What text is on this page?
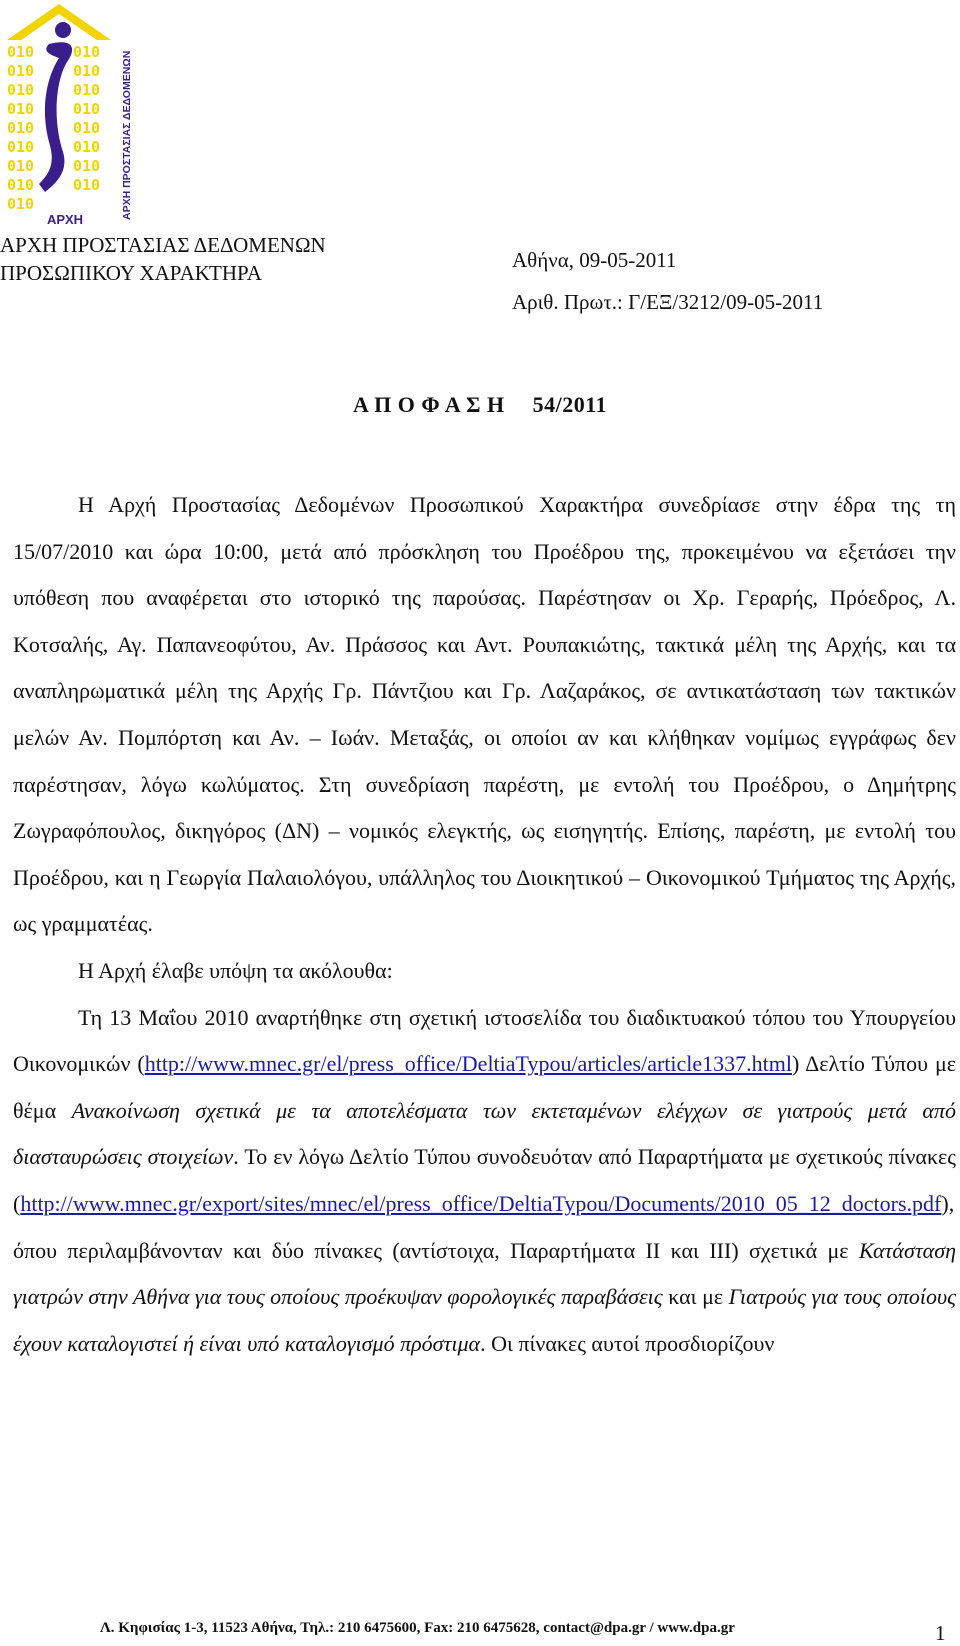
010
010
010
010
010
010
010
010
010
010
010
010
010
010
010
010
010 ΑΡΧΗ ΠΡΟΣΤΑΣΙΑΣ ΔΕΔΟΜΕΝΩΝ
ΑΡΧΗ
ΑΡΧΗ ΠΡΟΣΤΑΣΙΑΣ ΔΕΔΟΜΕΝΩΝ
ΠΡΟΣΩΠΙΚΟΥ ΧΑΡΑΚΤΗΡΑ
Αθήνα, 09-05-2011
Αριθ. Πρωτ.: Γ/ΕΞ/3212/09-05-2011
Α Π Ο Φ Α Σ Η 54/2011

Η Αρχή Προστασίας Δεδομένων Προσωπικού Χαρακτήρα συνεδρίασε στην έδρα της τη 15/07/2010 και ώρα 10:00, μετά από πρόσκληση του Προέδρου της, προκειμένου να εξετάσει την υπόθεση που αναφέρεται στο ιστορικό της παρούσας. Παρέστησαν οι Χρ. Γεραρής, Πρόεδρος, Λ. Κοτσαλής, Αγ. Παπανεοφύτου, Αν. Πράσσος και Αντ. Ρουπακιώτης, τακτικά μέλη της Αρχής, και τα αναπληρωματικά μέλη της Αρχής Γρ. Πάντζιου και Γρ. Λαζαράκος, σε αντικατάσταση των τακτικών μελών Αν. Πομπόρτση και Αν. – Ιωάν. Μεταξάς, οι οποίοι αν και κλήθηκαν νομίμως εγγράφως δεν παρέστησαν, λόγω κωλύματος. Στη συνεδρίαση παρέστη, με εντολή του Προέδρου, ο Δημήτρης Ζωγραφόπουλος, δικηγόρος (ΔΝ) – νομικός ελεγκτής, ως εισηγητής. Επίσης, παρέστη, με εντολή του Προέδρου, και η Γεωργία Παλαιολόγου, υπάλληλος του Διοικητικού – Οικονομικού Τμήματος της Αρχής, ως γραμματέας.

Η Αρχή έλαβε υπόψη τα ακόλουθα:

Τη 13 Μαΐου 2010 αναρτήθηκε στη σχετική ιστοσελίδα του διαδικτυακού τόπου του Υπουργείου Οικονομικών (http://www.mnec.gr/el/press_office/DeltiaTypou/articles/article1337.html) Δελτίο Τύπου με θέμα Ανακοίνωση σχετικά με τα αποτελέσματα των εκτεταμένων ελέγχων σε γιατρούς μετά από διασταυρώσεις στοιχείων. Το εν λόγω Δελτίο Τύπου συνοδευόταν από Παραρτήματα με σχετικούς πίνακες (http://www.mnec.gr/export/sites/mnec/el/press_office/DeltiaTypou/Documents/2010_05_12_doctors.pdf), όπου περιλαμβάνονταν και δύο πίνακες (αντίστοιχα, Παραρτήματα ΙΙ και ΙΙΙ) σχετικά με Κατάσταση γιατρών στην Αθήνα για τους οποίους προέκυψαν φορολογικές παραβάσεις και με Γιατρούς για τους οποίους έχουν καταλογιστεί ή είναι υπό καταλογισμό πρόστιμα. Οι πίνακες αυτοί προσδιορίζουν

Λ. Κηφισίας 1-3, 11523 Αθήνα, Τηλ.: 210 6475600, Fax: 210 6475628, contact@dpa.gr / www.dpa.gr	1
